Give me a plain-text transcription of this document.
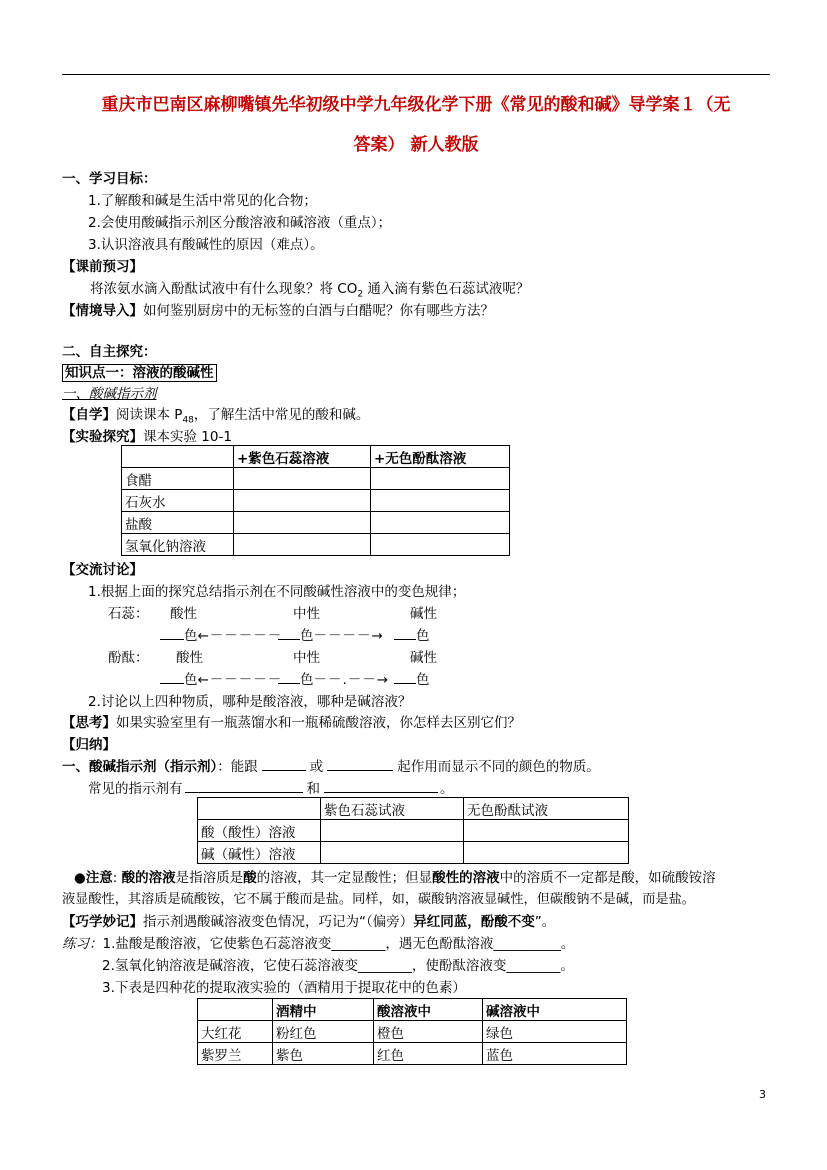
重庆市巴南区麻柳嘴镇先华初级中学九年级化学下册《常见的酸和碱》导学案１（无
答案） 新人教版
一、学习目标：
1.了解酸和碱是生活中常见的化合物；
2.会使用酸碱指示剂区分酸溶液和碱溶液（重点）；
3.认识溶液具有酸碱性的原因（难点）。
【课前预习】
将浓氨水滴入酚酞试液中有什么现象？将 $CO_2$ 通入滴有紫色石蕊试液呢？
【情境导入】如何鉴别厨房中的无标签的白酒与白醋呢？你有哪些方法？
二、自主探究：
知识点一：溶液的酸碱性
一、酸碱指示剂
【自学】阅读课本 $P_{48}$，了解生活中常见的酸和碱。
【实验探究】课本实验 10-1
	+紫色石蕊溶液	+无色酚酞溶液
食醋		
石灰水		
盐酸		
氢氧化钠溶液		
【交流讨论】
1.根据上面的探究总结指示剂在不同酸碱性溶液中的变色规律；
石蕊： 酸性	中性	碱性
色←－－－－－	色－－－－→	色
酚酞： 酸性	中性	碱性
色←－－－－－	色－－.－－→	色
2.讨论以上四种物质，哪种是酸溶液，哪种是碱溶液？
【思考】如果实验室里有一瓶蒸馏水和一瓶稀硫酸溶液，你怎样去区别它们？
【归纳】
一、酸碱指示剂（指示剂）：能跟	或	起作用而显示不同的颜色的物质。
常见的指示剂有	和	。
	紫色石蕊试液	无色酚酞试液
酸（酸性）溶液		
碱（碱性）溶液		
●注意: 酸的溶液是指溶质是酸的溶液，其一定显酸性；但显酸性的溶液中的溶质不一定都是酸，如硫酸铵溶
液显酸性，其溶质是硫酸铵，它不属于酸而是盐。同样，如，碳酸钠溶液显碱性，但碳酸钠不是碱，而是盐。
【巧学妙记】指示剂遇酸碱溶液变色情况，巧记为“（偏旁）异红同蓝，酚酸不变”。
练习：1.盐酸是酸溶液，它使紫色石蕊溶液变________，遇无色酚酞溶液__________。
2.氢氧化钠溶液是碱溶液，它使石蕊溶液变________，使酚酞溶液变________。
3.下表是四种花的提取液实验的（酒精用于提取花中的色素）
	酒精中	酸溶液中	碱溶液中
大红花	粉红色	橙色	绿色
紫罗兰	紫色	红色	蓝色
3
